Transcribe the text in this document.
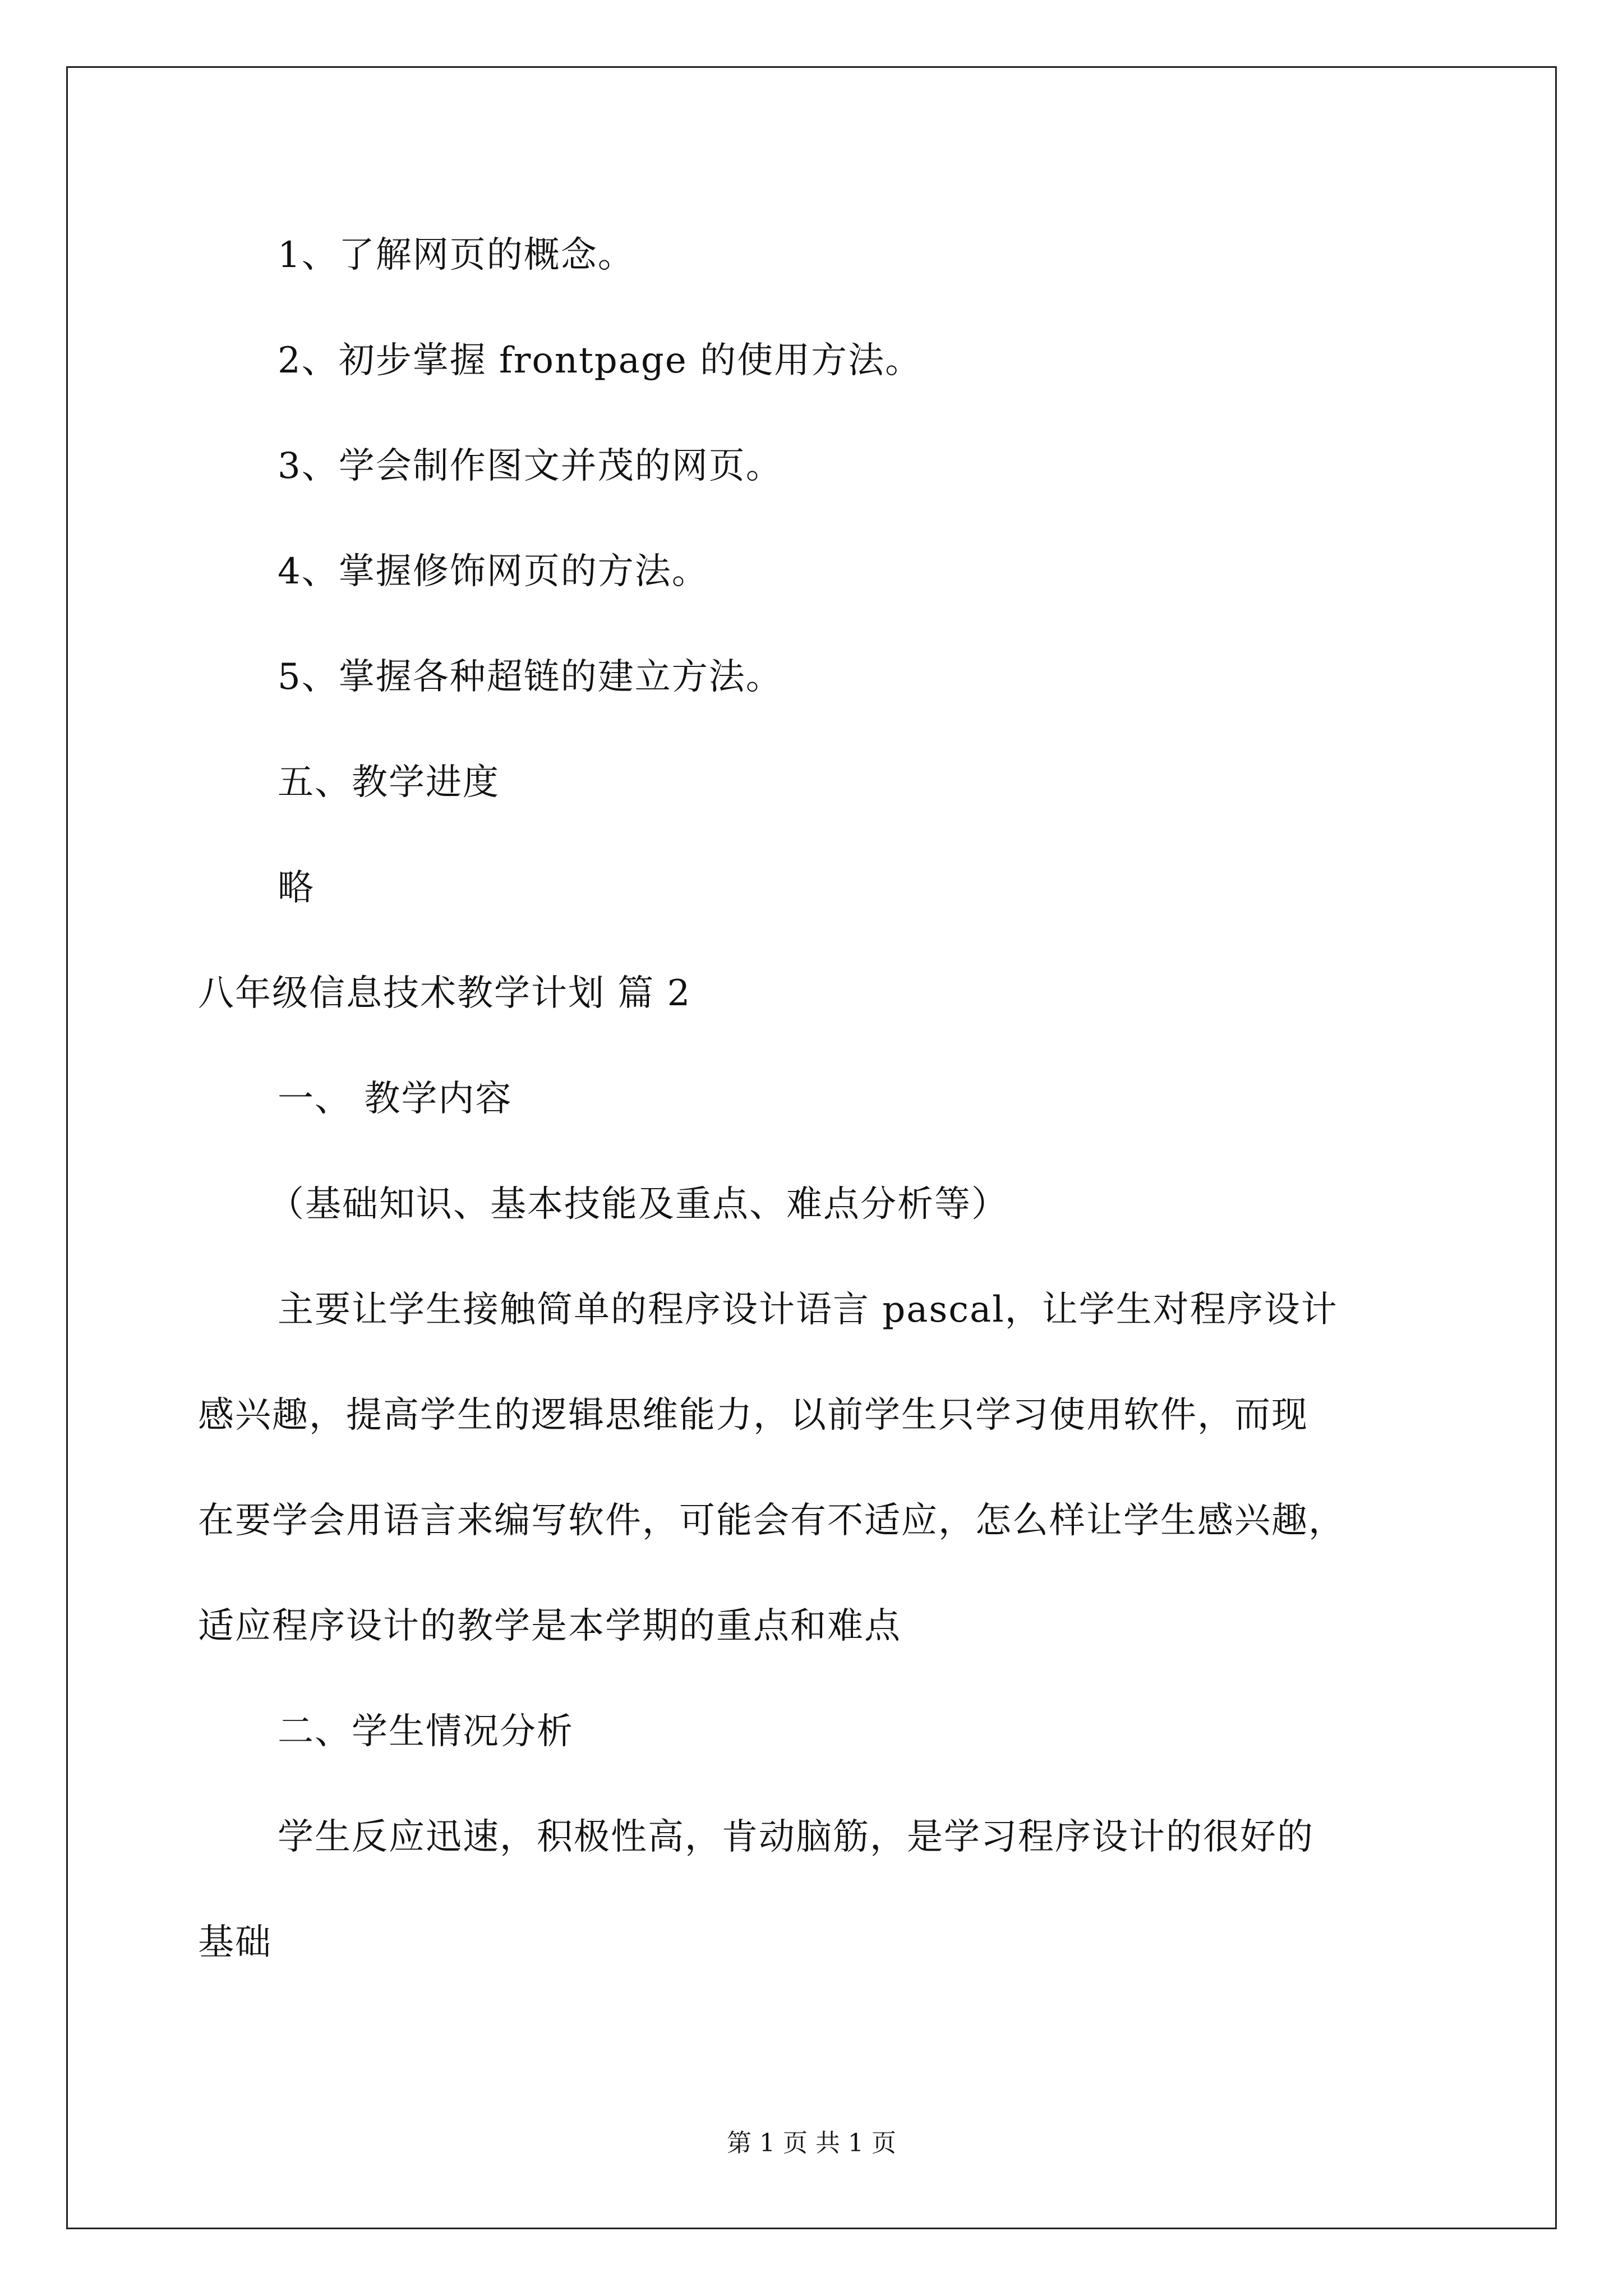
1、了解网页的概念。
2、初步掌握 frontpage 的使用方法。
3、学会制作图文并茂的网页。
4、掌握修饰网页的方法。
5、掌握各种超链的建立方法。
五、教学进度
略
八年级信息技术教学计划 篇 2
一、 教学内容
（基础知识、基本技能及重点、难点分析等）
主要让学生接触简单的程序设计语言 pascal，让学生对程序设计
感兴趣，提高学生的逻辑思维能力，以前学生只学习使用软件，而现
在要学会用语言来编写软件，可能会有不适应，怎么样让学生感兴趣，
适应程序设计的教学是本学期的重点和难点
二、学生情况分析
学生反应迅速，积极性高，肯动脑筋，是学习程序设计的很好的
基础
第 1 页 共 1 页
